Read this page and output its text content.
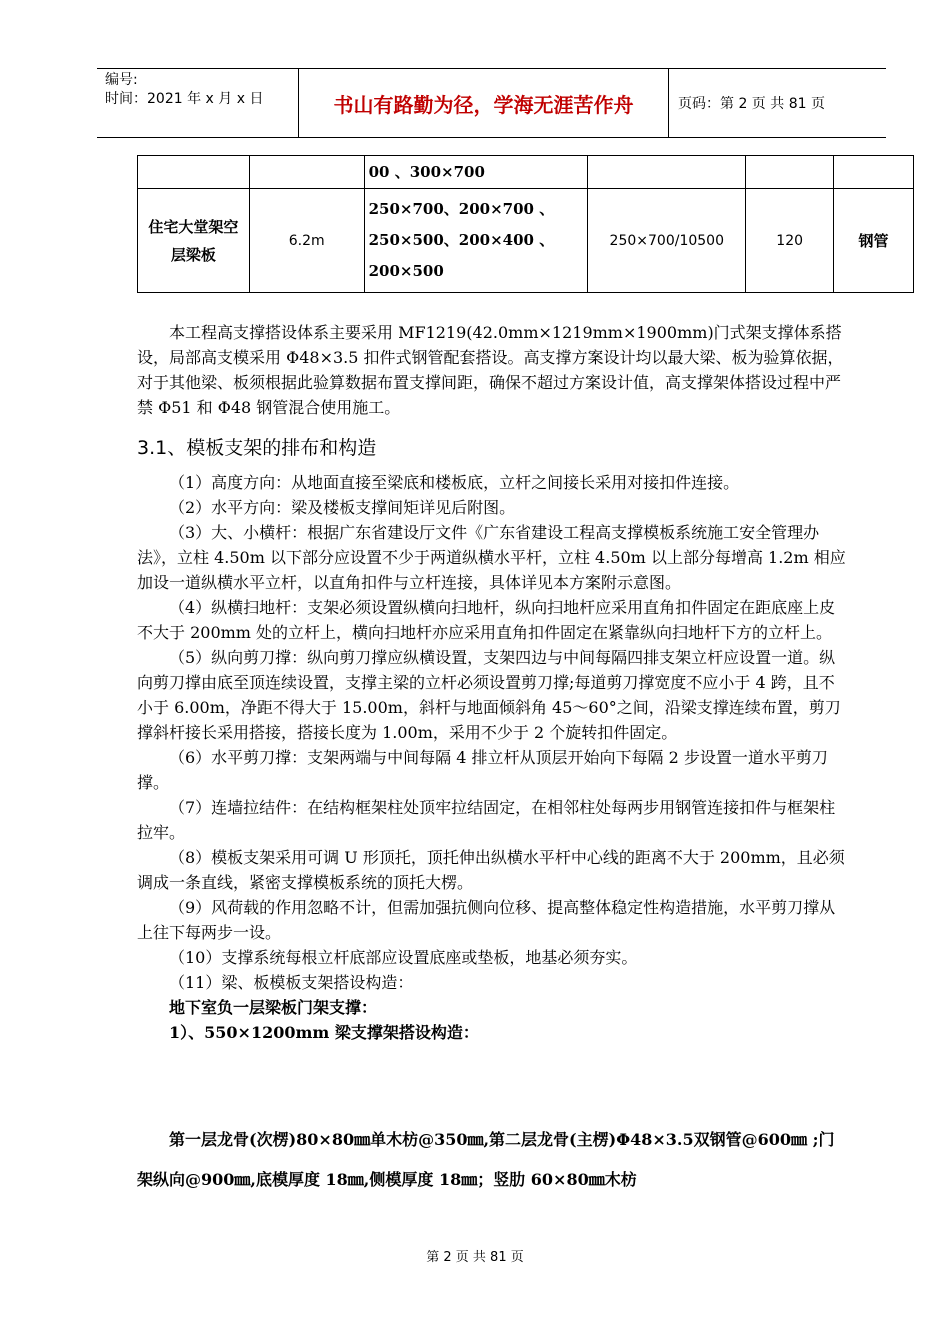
编号:
时间：2021 年 x 月 x 日	书山有路勤为径，学海无涯苦作舟	页码：第 2 页 共 81 页
		00 、300×700			
住宅大堂架空层梁板	6.2m	250×700、200×700 、250×500、200×400 、200×500	250×700/10500	120	钢管

本工程高支撑搭设体系主要采用 MF1219(42.0mm×1219mm×1900mm)门式架支撑体系搭设，局部高支模采用 Φ48×3.5 扣件式钢管配套搭设。高支撑方案设计均以最大梁、板为验算依据，对于其他梁、板须根据此验算数据布置支撑间距，确保不超过方案设计值，高支撑架体搭设过程中严禁 Φ51 和 Φ48 钢管混合使用施工。

3.1、模板支架的排布和构造

（1）高度方向：从地面直接至梁底和楼板底，立杆之间接长采用对接扣件连接。

（2）水平方向：梁及楼板支撑间矩详见后附图。

（3）大、小横杆：根据广东省建设厅文件《广东省建设工程高支撑模板系统施工安全管理办法》，立柱 4.50m 以下部分应设置不少于两道纵横水平杆，立柱 4.50m 以上部分每增高 1.2m 相应加设一道纵横水平立杆，以直角扣件与立杆连接，具体详见本方案附示意图。

（4）纵横扫地杆：支架必须设置纵横向扫地杆，纵向扫地杆应采用直角扣件固定在距底座上皮不大于 200mm 处的立杆上，横向扫地杆亦应采用直角扣件固定在紧靠纵向扫地杆下方的立杆上。

（5）纵向剪刀撑：纵向剪刀撑应纵横设置，支架四边与中间每隔四排支架立杆应设置一道。纵向剪刀撑由底至顶连续设置，支撑主梁的立杆必须设置剪刀撑;每道剪刀撑宽度不应小于 4 跨，且不小于 6.00m，净距不得大于 15.00m，斜杆与地面倾斜角 45～60°之间，沿梁支撑连续布置，剪刀撑斜杆接长采用搭接，搭接长度为 1.00m，采用不少于 2 个旋转扣件固定。

（6）水平剪刀撑：支架两端与中间每隔 4 排立杆从顶层开始向下每隔 2 步设置一道水平剪刀撑。

（7）连墙拉结件：在结构框架柱处顶牢拉结固定，在相邻柱处每两步用钢管连接扣件与框架柱拉牢。

（8）模板支架采用可调 U 形顶托，顶托伸出纵横水平杆中心线的距离不大于 200mm，且必须调成一条直线，紧密支撑模板系统的顶托大楞。

（9）风荷载的作用忽略不计，但需加强抗侧向位移、提高整体稳定性构造措施，水平剪刀撑从上往下每两步一设。

（10）支撑系统每根立杆底部应设置底座或垫板，地基必须夯实。

（11）梁、板模板支架搭设构造：

地下室负一层梁板门架支撑：

1）、550×1200mm 梁支撑架搭设构造：

第一层龙骨(次楞)80×80㎜单木枋@350㎜,第二层龙骨(主楞)Φ48×3.5双钢管@600㎜ ;门架纵向@900㎜,底模厚度 18㎜,侧模厚度 18㎜；竖肋 60×80㎜木枋

第 2 页 共 81 页
